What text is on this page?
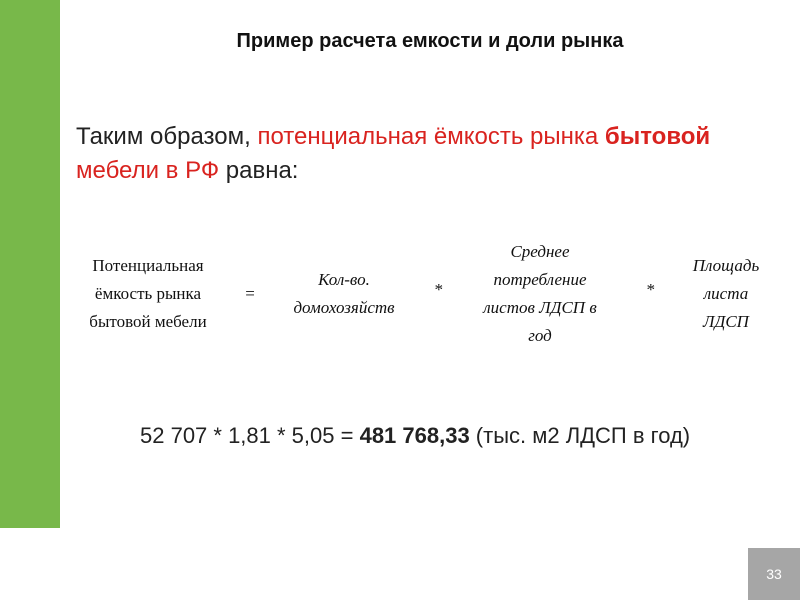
Пример расчета емкости и доли рынка
Таким образом, потенциальная ёмкость рынка бытовой мебели в РФ равна:
Потенциальная
ёмкость рынка
бытовой мебели
=
Кол-во.
домохозяйств
*
Среднее
потребление
листов ЛДСП в
год
*
Площадь
листа
ЛДСП
52 707 * 1,81 * 5,05 = 481 768,33 (тыс. м2 ЛДСП в год)
33
